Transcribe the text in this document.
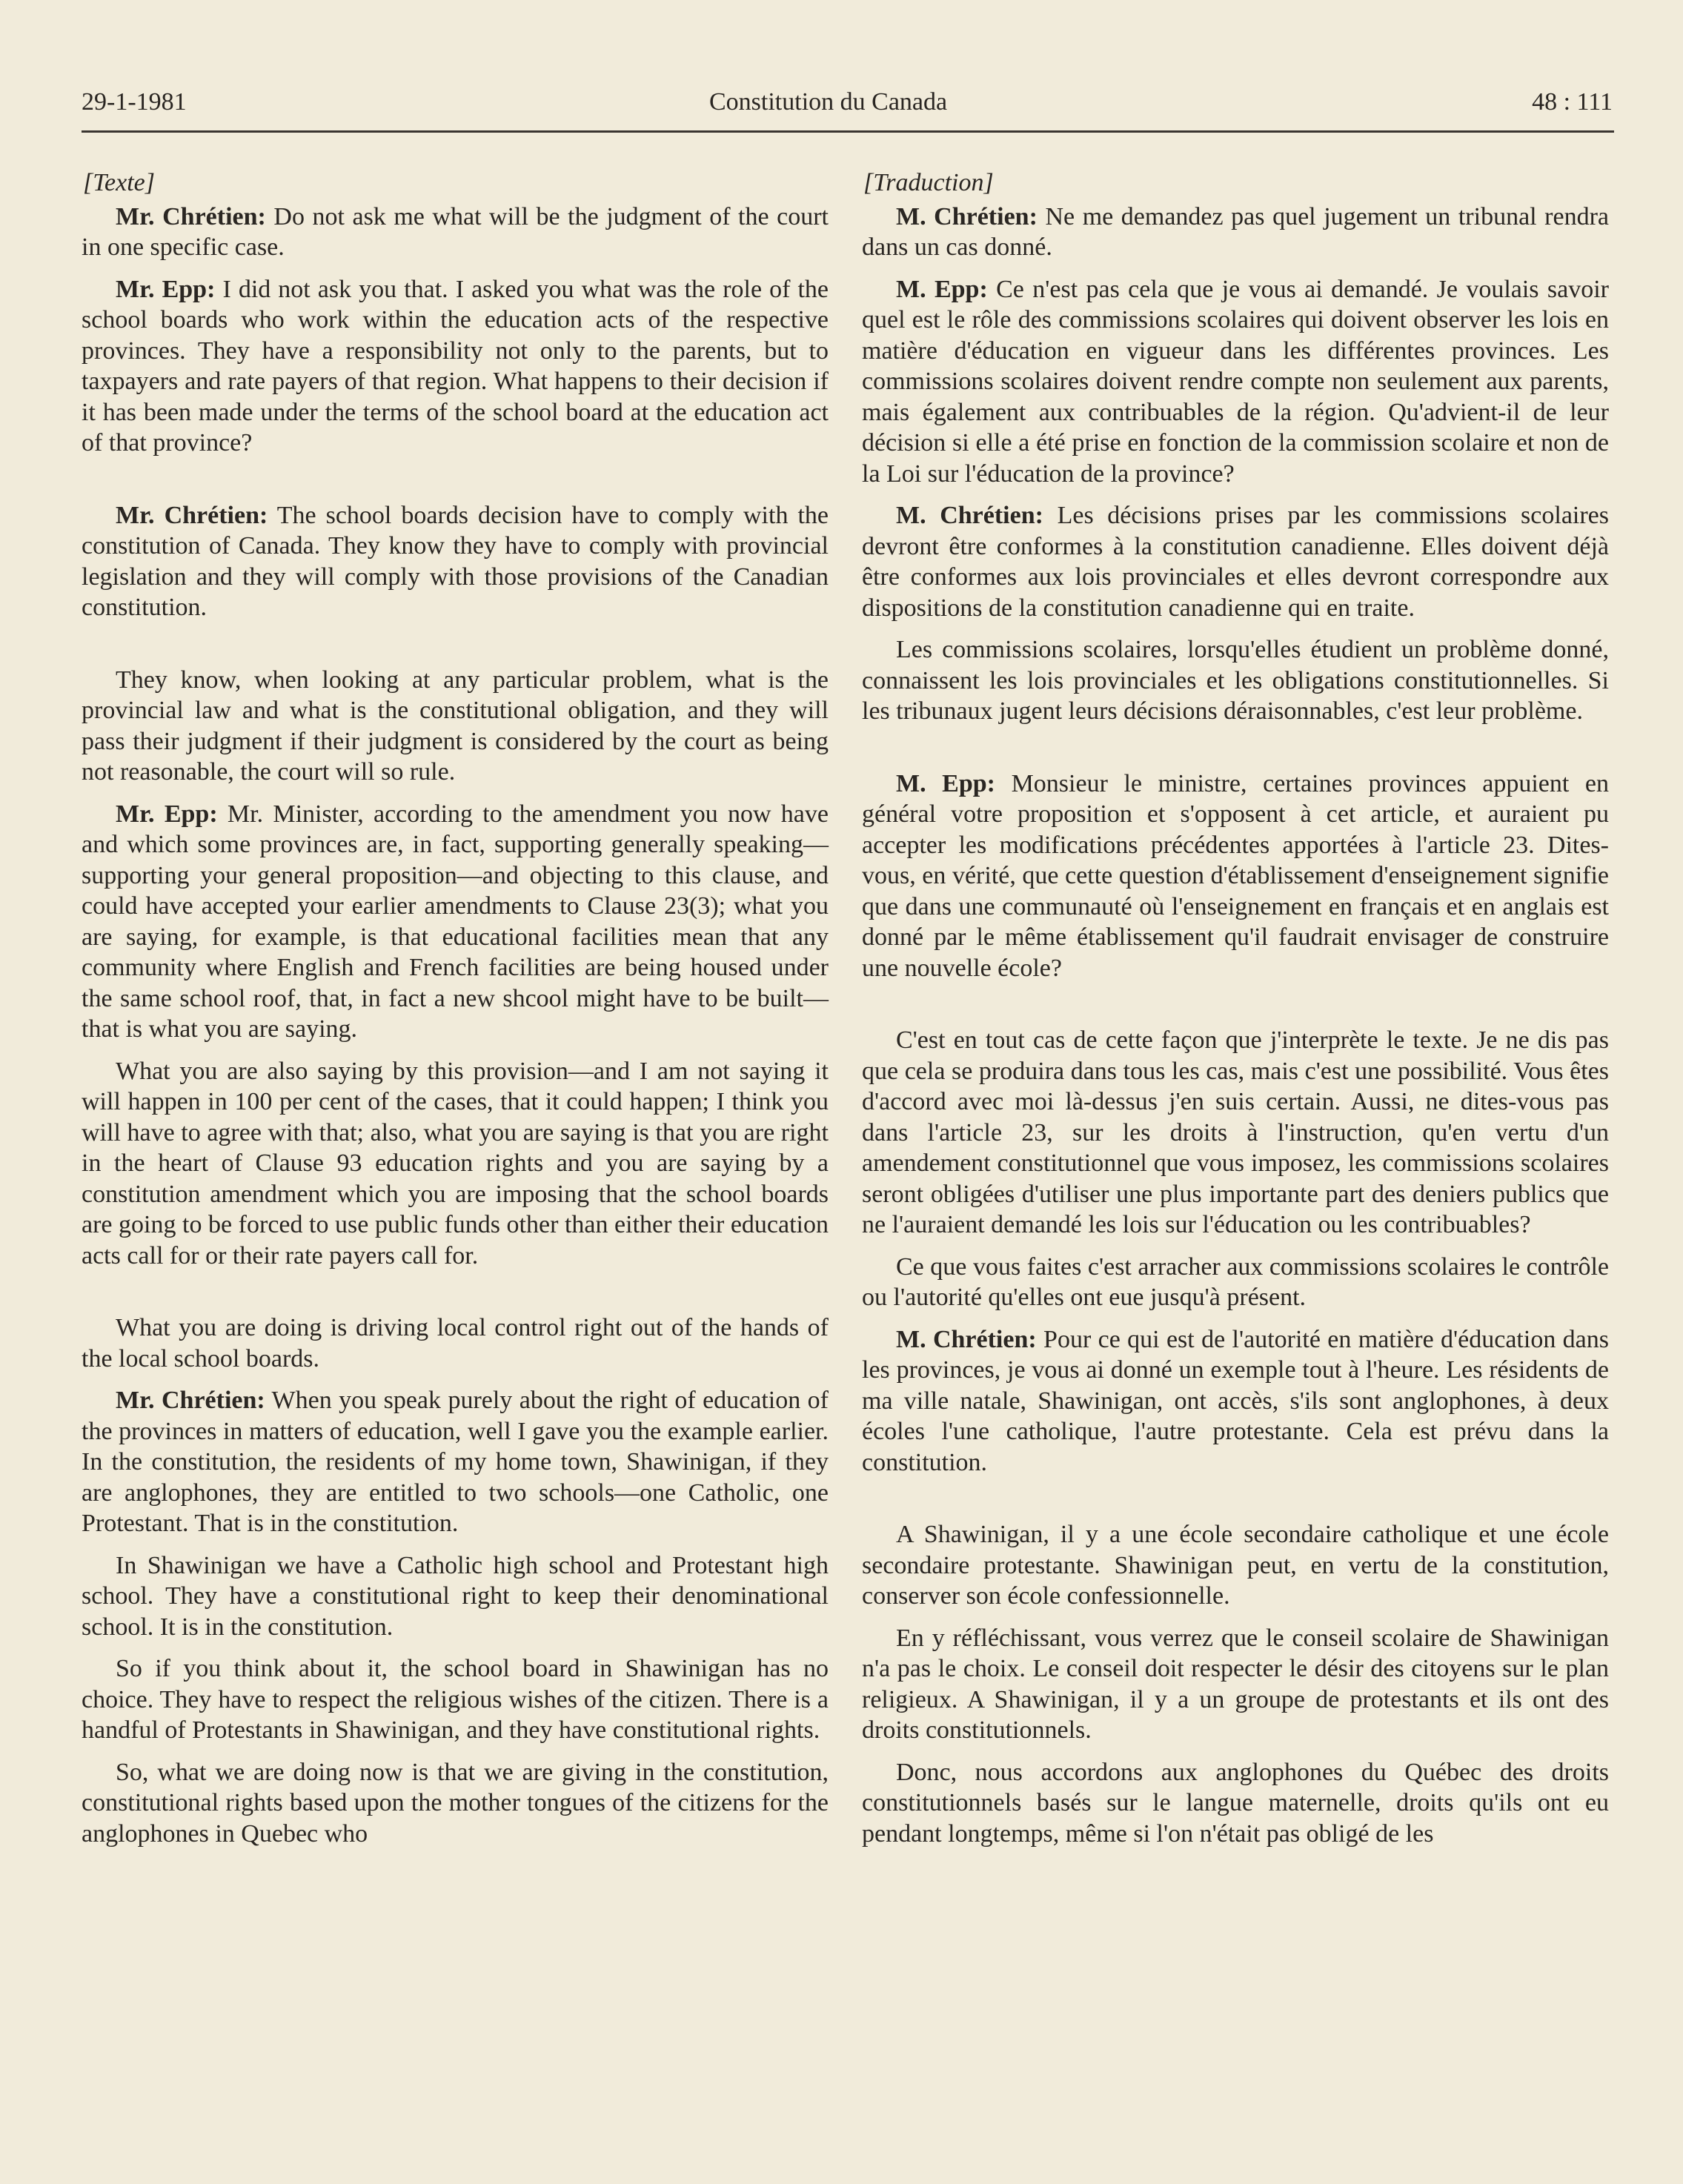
29-1-1981	Constitution du Canada	48 : 111
[Texte]

Mr. Chrétien: Do not ask me what will be the judgment of the court in one specific case.

Mr. Epp: I did not ask you that. I asked you what was the role of the school boards who work within the education acts of the respective provinces. They have a responsibility not only to the parents, but to taxpayers and rate payers of that region. What happens to their decision if it has been made under the terms of the school board at the education act of that province?

Mr. Chrétien: The school boards decision have to comply with the constitution of Canada. They know they have to comply with provincial legislation and they will comply with those provisions of the Canadian constitution.

They know, when looking at any particular problem, what is the provincial law and what is the constitutional obligation, and they will pass their judgment if their judgment is considered by the court as being not reasonable, the court will so rule.

Mr. Epp: Mr. Minister, according to the amendment you now have and which some provinces are, in fact, supporting generally speaking—supporting your general proposition—and objecting to this clause, and could have accepted your earlier amendments to Clause 23(3); what you are saying, for example, is that educational facilities mean that any community where English and French facilities are being housed under the same school roof, that, in fact a new shcool might have to be built—that is what you are saying.

What you are also saying by this provision—and I am not saying it will happen in 100 per cent of the cases, that it could happen; I think you will have to agree with that; also, what you are saying is that you are right in the heart of Clause 93 education rights and you are saying by a constitution amendment which you are imposing that the school boards are going to be forced to use public funds other than either their education acts call for or their rate payers call for.

What you are doing is driving local control right out of the hands of the local school boards.

Mr. Chrétien: When you speak purely about the right of education of the provinces in matters of education, well I gave you the example earlier. In the constitution, the residents of my home town, Shawinigan, if they are anglophones, they are entitled to two schools—one Catholic, one Protestant. That is in the constitution.

In Shawinigan we have a Catholic high school and Protestant high school. They have a constitutional right to keep their denominational school. It is in the constitution.

So if you think about it, the school board in Shawinigan has no choice. They have to respect the religious wishes of the citizen. There is a handful of Protestants in Shawinigan, and they have constitutional rights.

So, what we are doing now is that we are giving in the constitution, constitutional rights based upon the mother tongues of the citizens for the anglophones in Quebec who

[Traduction]

M. Chrétien: Ne me demandez pas quel jugement un tribunal rendra dans un cas donné.

M. Epp: Ce n'est pas cela que je vous ai demandé. Je voulais savoir quel est le rôle des commissions scolaires qui doivent observer les lois en matière d'éducation en vigueur dans les différentes provinces. Les commissions scolaires doivent rendre compte non seulement aux parents, mais également aux contribuables de la région. Qu'advient-il de leur décision si elle a été prise en fonction de la commission scolaire et non de la Loi sur l'éducation de la province?

M. Chrétien: Les décisions prises par les commissions scolaires devront être conformes à la constitution canadienne. Elles doivent déjà être conformes aux lois provinciales et elles devront correspondre aux dispositions de la constitution canadienne qui en traite.

Les commissions scolaires, lorsqu'elles étudient un problème donné, connaissent les lois provinciales et les obligations constitutionnelles. Si les tribunaux jugent leurs décisions déraisonnables, c'est leur problème.

M. Epp: Monsieur le ministre, certaines provinces appuient en général votre proposition et s'opposent à cet article, et auraient pu accepter les modifications précédentes apportées à l'article 23. Dites-vous, en vérité, que cette question d'établissement d'enseignement signifie que dans une communauté où l'enseignement en français et en anglais est donné par le même établissement qu'il faudrait envisager de construire une nouvelle école?

C'est en tout cas de cette façon que j'interprète le texte. Je ne dis pas que cela se produira dans tous les cas, mais c'est une possibilité. Vous êtes d'accord avec moi là-dessus j'en suis certain. Aussi, ne dites-vous pas dans l'article 23, sur les droits à l'instruction, qu'en vertu d'un amendement constitutionnel que vous imposez, les commissions scolaires seront obligées d'utiliser une plus importante part des deniers publics que ne l'auraient demandé les lois sur l'éducation ou les contribuables?

Ce que vous faites c'est arracher aux commissions scolaires le contrôle ou l'autorité qu'elles ont eue jusqu'à présent.

M. Chrétien: Pour ce qui est de l'autorité en matière d'éducation dans les provinces, je vous ai donné un exemple tout à l'heure. Les résidents de ma ville natale, Shawinigan, ont accès, s'ils sont anglophones, à deux écoles l'une catholique, l'autre protestante. Cela est prévu dans la constitution.

A Shawinigan, il y a une école secondaire catholique et une école secondaire protestante. Shawinigan peut, en vertu de la constitution, conserver son école confessionnelle.

En y réfléchissant, vous verrez que le conseil scolaire de Shawinigan n'a pas le choix. Le conseil doit respecter le désir des citoyens sur le plan religieux. A Shawinigan, il y a un groupe de protestants et ils ont des droits constitutionnels.

Donc, nous accordons aux anglophones du Québec des droits constitutionnels basés sur le langue maternelle, droits qu'ils ont eu pendant longtemps, même si l'on n'était pas obligé de les
